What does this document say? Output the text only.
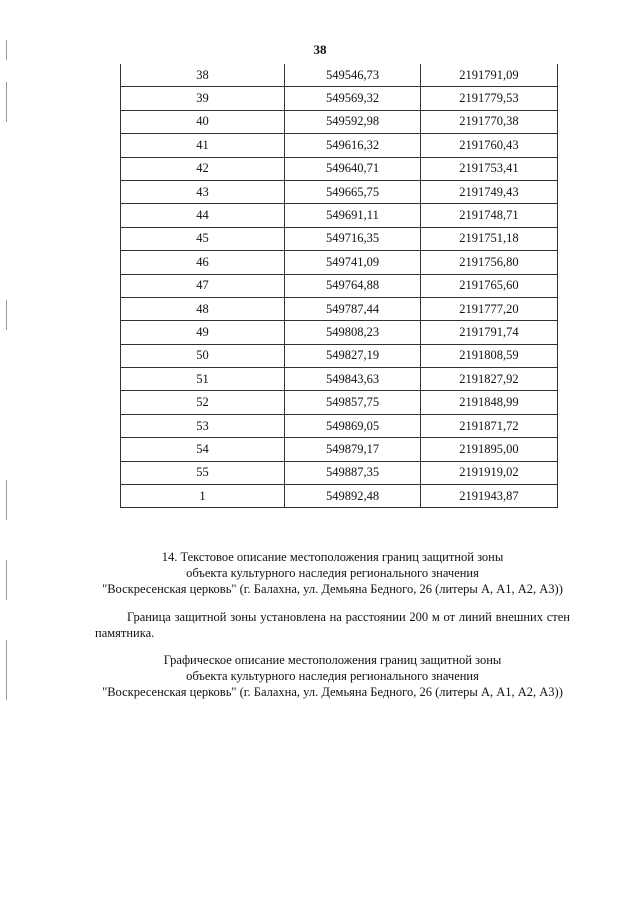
38
38	549546,73	2191791,09
39	549569,32	2191779,53
40	549592,98	2191770,38
41	549616,32	2191760,43
42	549640,71	2191753,41
43	549665,75	2191749,43
44	549691,11	2191748,71
45	549716,35	2191751,18
46	549741,09	2191756,80
47	549764,88	2191765,60
48	549787,44	2191777,20
49	549808,23	2191791,74
50	549827,19	2191808,59
51	549843,63	2191827,92
52	549857,75	2191848,99
53	549869,05	2191871,72
54	549879,17	2191895,00
55	549887,35	2191919,02
1	549892,48	2191943,87
14. Текстовое описание местоположения границ защитной зоны
объекта культурного наследия регионального значения
"Воскресенская церковь" (г. Балахна, ул. Демьяна Бедного, 26 (литеры А, А1, А2, А3))
Граница защитной зоны установлена на расстоянии 200 м от линий внешних стен памятника.
Графическое описание местоположения границ защитной зоны
объекта культурного наследия регионального значения
"Воскресенская церковь" (г. Балахна, ул. Демьяна Бедного, 26 (литеры А, А1, А2, А3))
